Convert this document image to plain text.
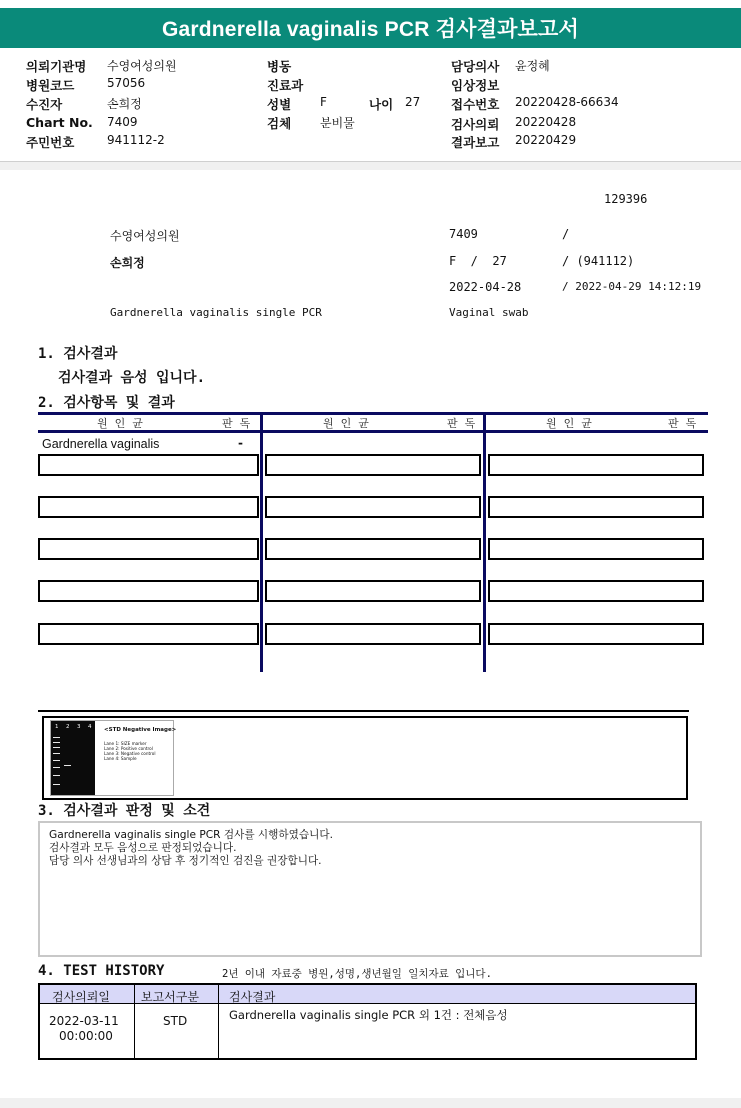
Gardnerella vaginalis PCR 검사결과보고서
의뢰기관명 수영여성의원
병원코드	57056
수진자	손희정
Chart No. 7409
주민번호	941112-2
병동
진료과
성별 F	나이 27
검체 분비물
담당의사 윤정혜
임상정보
접수번호 20220428-66634
검사의뢰 20220428
결과보고 20220429
129396
수영여성의원	7409	/
손희정	F  /  27	/ (941112)
2022-04-28	/ 2022-04-29 14:12:19
Gardnerella vaginalis single PCR	Vaginal swab
1. 검사결과
검사결과 음성 입니다.
2. 검사항목 및 결과
원  인  균	판  독	원  인  균	판  독	원  인  균	판  독
Gardnerella vaginalis	-
1 2 3 4 <STD Negative Image>
Lane 1: SIZE marker
Lane 2: Positive control
Lane 3: Negative control
Lane 4: Sample
3. 검사결과 판정 및 소견
Gardnerella vaginalis single PCR 검사를 시행하였습니다.
검사결과 모두 음성으로 판정되었습니다.
담당 의사 선생님과의 상담 후 정기적인 검진을 권장합니다.
4. TEST HISTORY	2년 이내 자료중 병원,성명,생년월일 일치자료 입니다.
검사의뢰일	보고서구분	검사결과
2022-03-11
00:00:00
STD	Gardnerella vaginalis single PCR 외 1건 : 전체음성
